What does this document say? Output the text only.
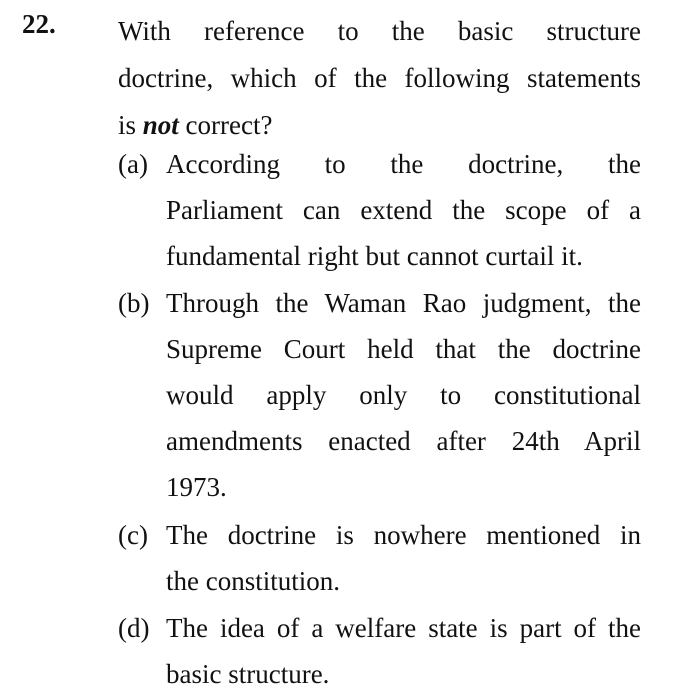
22. With reference to the basic structure
doctrine, which of the following statements
is not correct?
(a) According to the doctrine, the
Parliament can extend the scope of a
fundamental right but cannot curtail it.
(b) Through the Waman Rao judgment, the
Supreme Court held that the doctrine
would apply only to constitutional
amendments enacted after 24th April
1973.
(c) The doctrine is nowhere mentioned in
the constitution.
(d) The idea of a welfare state is part of the
basic structure.
